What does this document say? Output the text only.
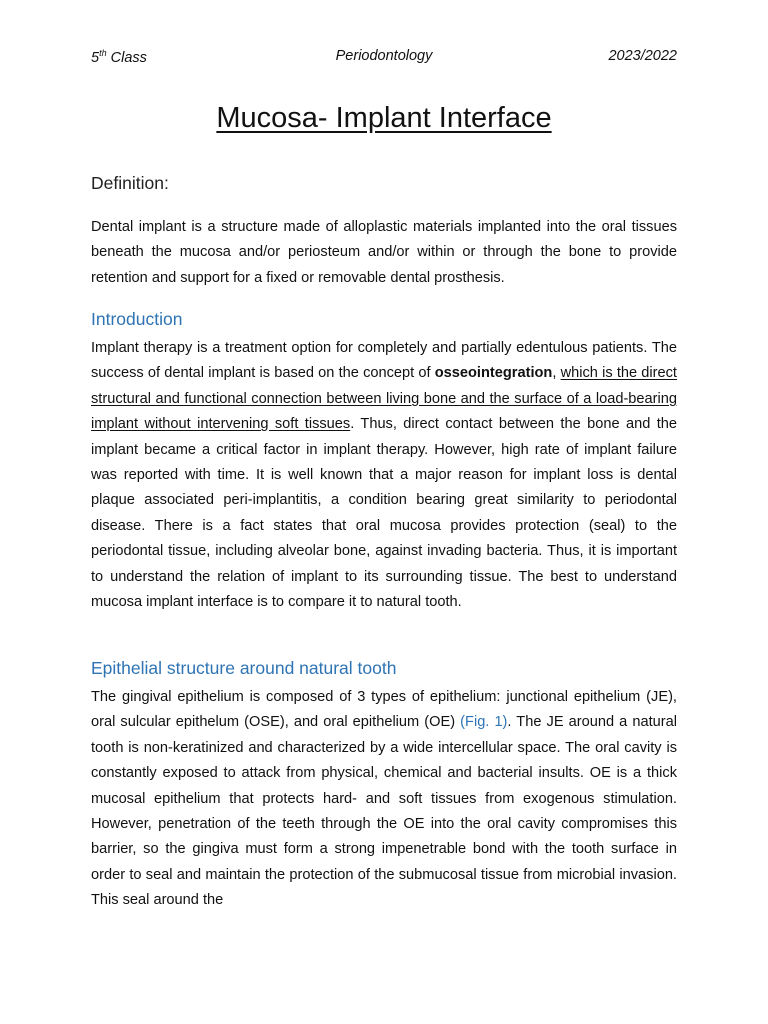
5th Class	Periodontology	2023/2022
Mucosa- Implant Interface
Definition:
Dental implant is a structure made of alloplastic materials implanted into the oral tissues beneath the mucosa and/or periosteum and/or within or through the bone to provide retention and support for a fixed or removable dental prosthesis.
Introduction
Implant therapy is a treatment option for completely and partially edentulous patients. The success of dental implant is based on the concept of osseointegration, which is the direct structural and functional connection between living bone and the surface of a load-bearing implant without intervening soft tissues. Thus, direct contact between the bone and the implant became a critical factor in implant therapy. However, high rate of implant failure was reported with time. It is well known that a major reason for implant loss is dental plaque associated peri-implantitis, a condition bearing great similarity to periodontal disease. There is a fact states that oral mucosa provides protection (seal) to the periodontal tissue, including alveolar bone, against invading bacteria. Thus, it is important to understand the relation of implant to its surrounding tissue. The best to understand mucosa implant interface is to compare it to natural tooth.
Epithelial structure around natural tooth
The gingival epithelium is composed of 3 types of epithelium: junctional epithelium (JE), oral sulcular epithelum (OSE), and oral epithelium (OE) (Fig. 1). The JE around a natural tooth is non-keratinized and characterized by a wide intercellular space. The oral cavity is constantly exposed to attack from physical, chemical and bacterial insults. OE is a thick mucosal epithelium that protects hard- and soft tissues from exogenous stimulation. However, penetration of the teeth through the OE into the oral cavity compromises this barrier, so the gingiva must form a strong impenetrable bond with the tooth surface in order to seal and maintain the protection of the submucosal tissue from microbial invasion. This seal around the
